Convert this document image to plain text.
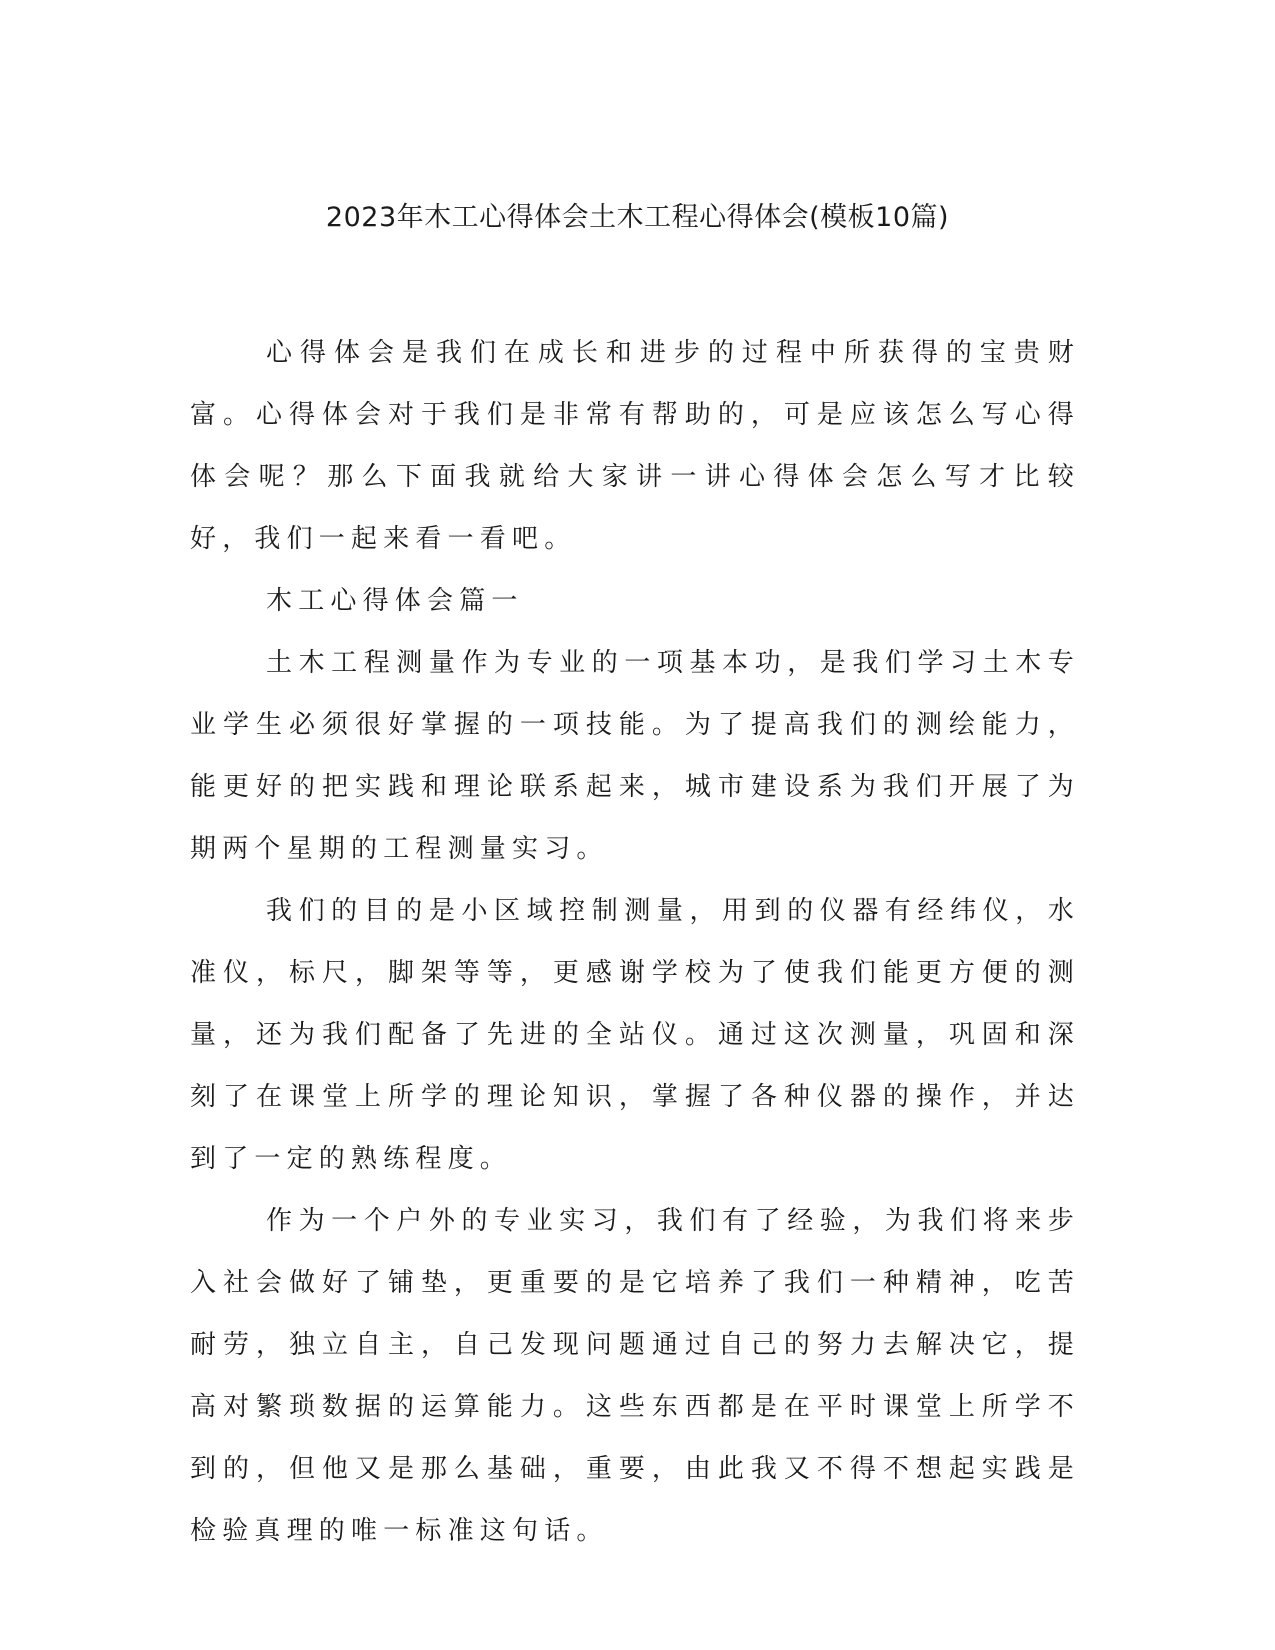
2023年木工心得体会土木工程心得体会(模板10篇)

心得体会是我们在成长和进步的过程中所获得的宝贵财富。心得体会对于我们是非常有帮助的，可是应该怎么写心得体会呢？那么下面我就给大家讲一讲心得体会怎么写才比较好，我们一起来看一看吧。

木工心得体会篇一

土木工程测量作为专业的一项基本功，是我们学习土木专业学生必须很好掌握的一项技能。为了提高我们的测绘能力，能更好的把实践和理论联系起来，城市建设系为我们开展了为期两个星期的工程测量实习。

我们的目的是小区域控制测量，用到的仪器有经纬仪，水准仪，标尺，脚架等等，更感谢学校为了使我们能更方便的测量，还为我们配备了先进的全站仪。通过这次测量，巩固和深刻了在课堂上所学的理论知识，掌握了各种仪器的操作，并达到了一定的熟练程度。

作为一个户外的专业实习，我们有了经验，为我们将来步入社会做好了铺垫，更重要的是它培养了我们一种精神，吃苦耐劳，独立自主，自己发现问题通过自己的努力去解决它，提高对繁琐数据的运算能力。这些东西都是在平时课堂上所学不到的，但他又是那么基础，重要，由此我又不得不想起实践是检验真理的唯一标准这句话。
